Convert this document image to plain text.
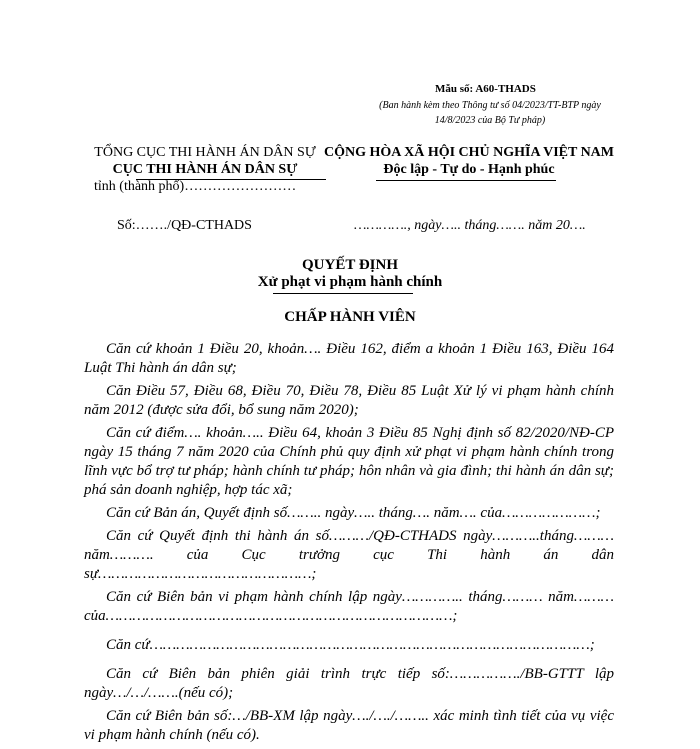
Mẫu số: A60-THADS
(Ban hành kèm theo Thông tư số 04/2023/TT-BTP ngày 14/8/2023 của Bộ Tư pháp)
TỔNG CỤC THI HÀNH ÁN DÂN SỰ
CỤC THI HÀNH ÁN DÂN SỰ
tỉnh (thành phố)……………………
CỘNG HÒA XÃ HỘI CHỦ NGHĨA VIỆT NAM
Độc lập - Tự do - Hạnh phúc
Số:……./QĐ-CTHADS	…………., ngày….. tháng……. năm 20….
QUYẾT ĐỊNH
Xử phạt vi phạm hành chính
CHẤP HÀNH VIÊN

Căn cứ khoản 1 Điều 20, khoản…. Điều 162, điểm a khoản 1 Điều 163, Điều 164 Luật Thi hành án dân sự;

Căn Điều 57, Điều 68, Điều 70, Điều 78, Điều 85 Luật Xử lý vi phạm hành chính năm 2012 (được sửa đổi, bổ sung năm 2020);

Căn cứ điểm…. khoản….. Điều 64, khoản 3 Điều 85 Nghị định số 82/2020/NĐ-CP ngày 15 tháng 7 năm 2020 của Chính phủ quy định xử phạt vi phạm hành chính trong lĩnh vực bổ trợ tư pháp; hành chính tư pháp; hôn nhân và gia đình; thi hành án dân sự; phá sản doanh nghiệp, hợp tác xã;

Căn cứ Bản án, Quyết định số…….. ngày….. tháng…. năm…. của…………………;

Căn cứ Quyết định thi hành án số………/QĐ-CTHADS ngày………..tháng……… năm………. của Cục trưởng cục Thi hành án dân sự…………………………………………;

Căn cứ Biên bản vi phạm hành chính lập ngày………….. tháng……… năm……… của……………………………………………………………………;

Căn cứ………………………………………………………………………………………;

Căn cứ Biên bản phiên giải trình trực tiếp số:……………./BB-GTTT lập ngày…/…/…….(nếu có);

Căn cứ Biên bản số:…/BB-XM lập ngày…./…./…….. xác minh tình tiết của vụ việc vi phạm hành chính (nếu có).
